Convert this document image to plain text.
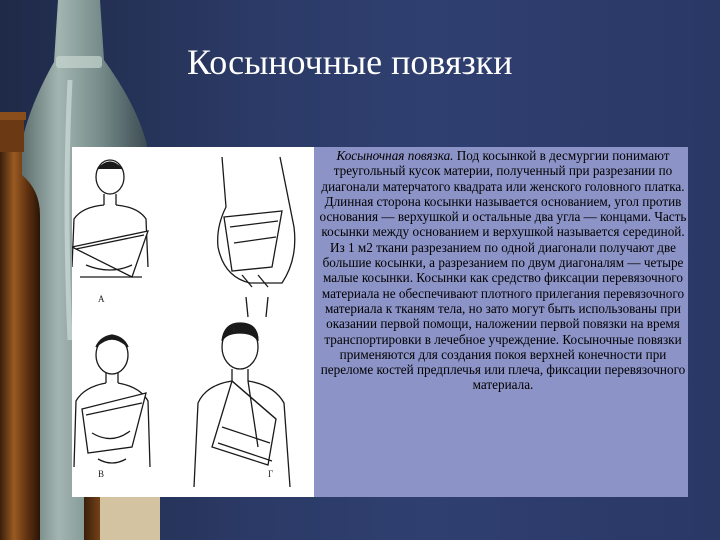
Косыночные повязки
А
Б
В	Г
Косыночная повязка. Под косынкой в десмургии понимают треугольный кусок материи, полученный при разрезании по диагонали матерчатого квадрата или женского головного платка. Длинная сторона косынки называется основанием, угол против основания — верхушкой и остальные два угла — концами. Часть косынки между основанием и верхушкой называется серединой. Из 1 м2 ткани разрезанием по одной диагонали получают две большие косынки, а разрезанием по двум диагоналям — четыре малые косынки. Косынки как средство фиксации перевязочного материала не обеспечивают плотного прилегания перевязочного материала к тканям тела, но зато могут быть использованы при оказании первой помощи, наложении первой повязки на время транспортировки в лечебное учреждение. Косыночные повязки применяются для создания покоя верхней конечности при переломе костей предплечья или плеча, фиксации перевязочного материала.
